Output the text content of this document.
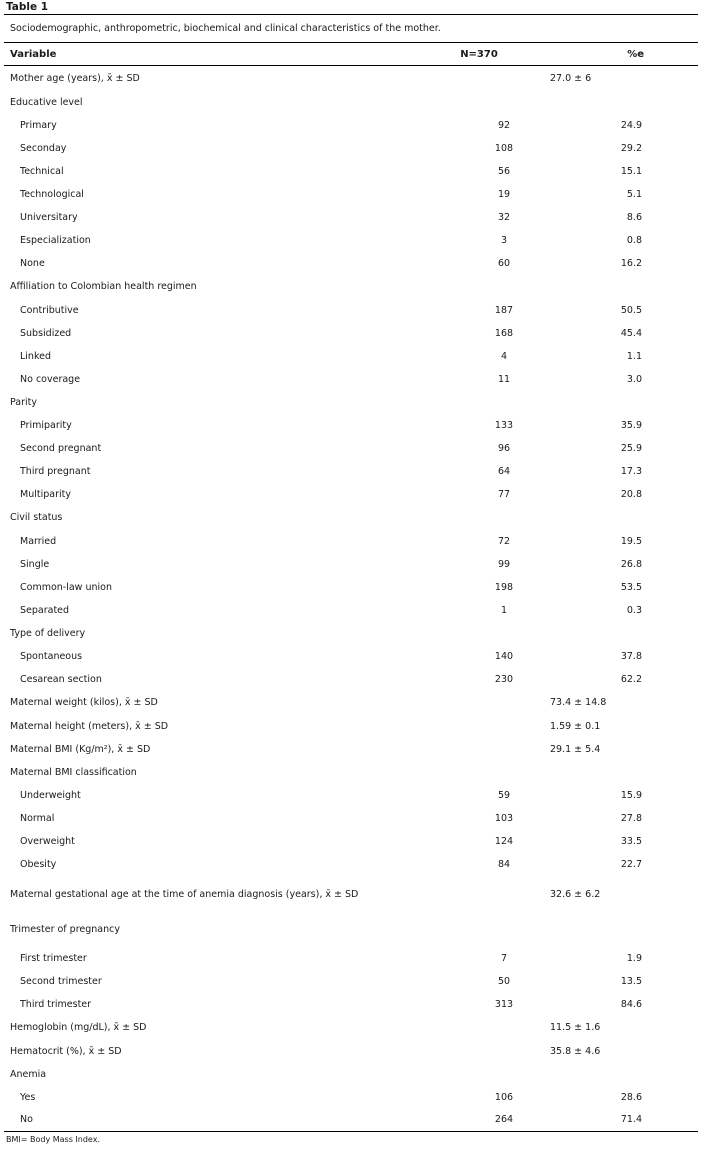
Table 1
Sociodemographic, anthropometric, biochemical and clinical characteristics of the mother.
Variable	N=370	%e
Mother age (years), x̄ ± SD	27.0 ± 6	
Educative level		
Primary	92	24.9
Seconday	108	29.2
Technical	56	15.1
Technological	19	5.1
Universitary	32	8.6
Especialization	3	0.8
None	60	16.2
Affiliation to Colombian health regimen		
Contributive	187	50.5
Subsidized	168	45.4
Linked	4	1.1
No coverage	11	3.0
Parity		
Primiparity	133	35.9
Second pregnant	96	25.9
Third pregnant	64	17.3
Multiparity	77	20.8
Civil status		
Married	72	19.5
Single	99	26.8
Common-law union	198	53.5
Separated	1	0.3
Type of delivery		
Spontaneous	140	37.8
Cesarean section	230	62.2
Maternal weight (kilos), x̄ ± SD	73.4 ± 14.8	
Maternal height (meters), x̄ ± SD	1.59 ± 0.1	
Maternal BMI (Kg/m²), x̄ ± SD	29.1 ± 5.4	
Maternal BMI classification		
Underweight	59	15.9
Normal	103	27.8
Overweight	124	33.5
Obesity	84	22.7
Maternal gestational age at the time of anemia diagnosis (years), x̄ ± SD	32.6 ± 6.2	
Trimester of pregnancy		
First trimester	7	1.9
Second trimester	50	13.5
Third trimester	313	84.6
Hemoglobin (mg/dL), x̄ ± SD	11.5 ± 1.6	
Hematocrit (%), x̄ ± SD	35.8 ± 4.6	
Anemia		
Yes	106	28.6
No	264	71.4
BMI= Body Mass Index.
